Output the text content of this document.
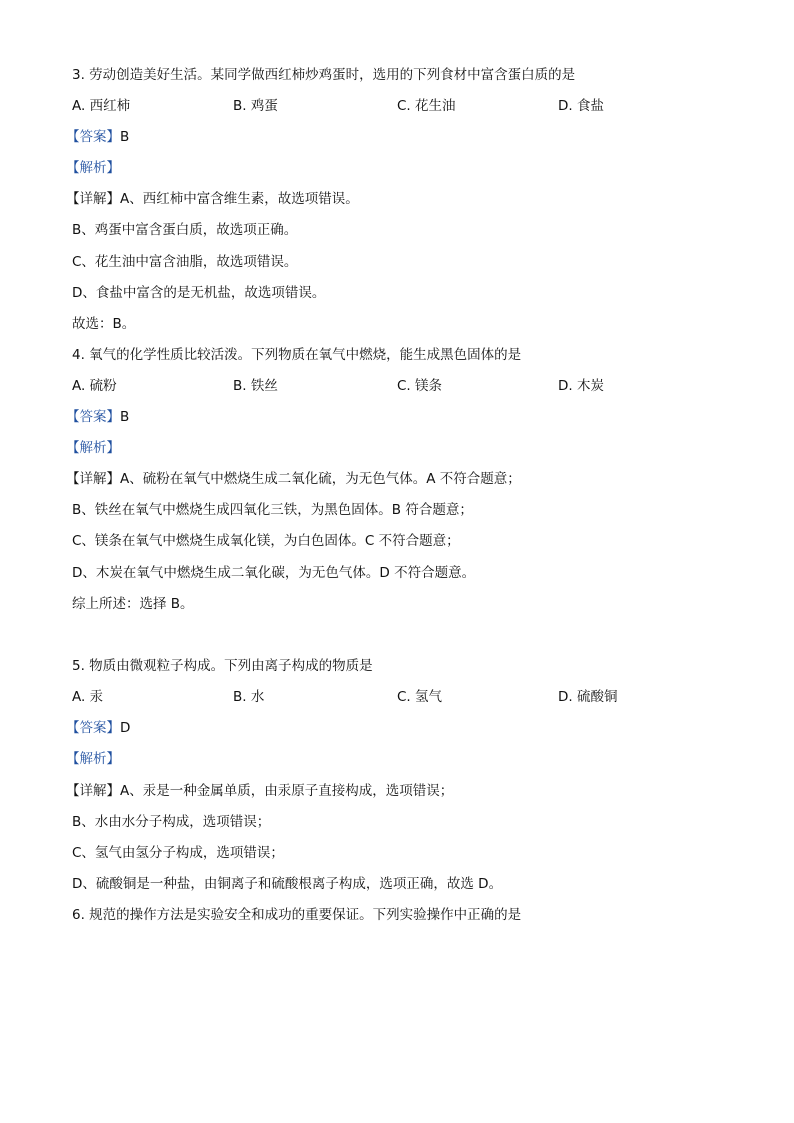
3. 劳动创造美好生活。某同学做西红柿炒鸡蛋时，选用的下列食材中富含蛋白质的是
A. 西红柿	B. 鸡蛋	C. 花生油	D. 食盐
【答案】B
【解析】
【详解】A、西红柿中富含维生素，故选项错误。
B、鸡蛋中富含蛋白质，故选项正确。
C、花生油中富含油脂，故选项错误。
D、食盐中富含的是无机盐，故选项错误。
故选：B。
4. 氧气的化学性质比较活泼。下列物质在氧气中燃烧，能生成黑色固体的是
A. 硫粉	B. 铁丝	C. 镁条	D. 木炭
【答案】B
【解析】
【详解】A、硫粉在氧气中燃烧生成二氧化硫，为无色气体。A 不符合题意；
B、铁丝在氧气中燃烧生成四氧化三铁，为黑色固体。B 符合题意；
C、镁条在氧气中燃烧生成氧化镁，为白色固体。C 不符合题意；
D、木炭在氧气中燃烧生成二氧化碳，为无色气体。D 不符合题意。
综上所述：选择 B。
5. 物质由微观粒子构成。下列由离子构成的物质是
A. 汞	B. 水	C. 氢气	D. 硫酸铜
【答案】D
【解析】
【详解】A、汞是一种金属单质，由汞原子直接构成，选项错误；
B、水由水分子构成，选项错误；
C、氢气由氢分子构成，选项错误；
D、硫酸铜是一种盐，由铜离子和硫酸根离子构成，选项正确，故选 D。
6. 规范的操作方法是实验安全和成功的重要保证。下列实验操作中正确的是
